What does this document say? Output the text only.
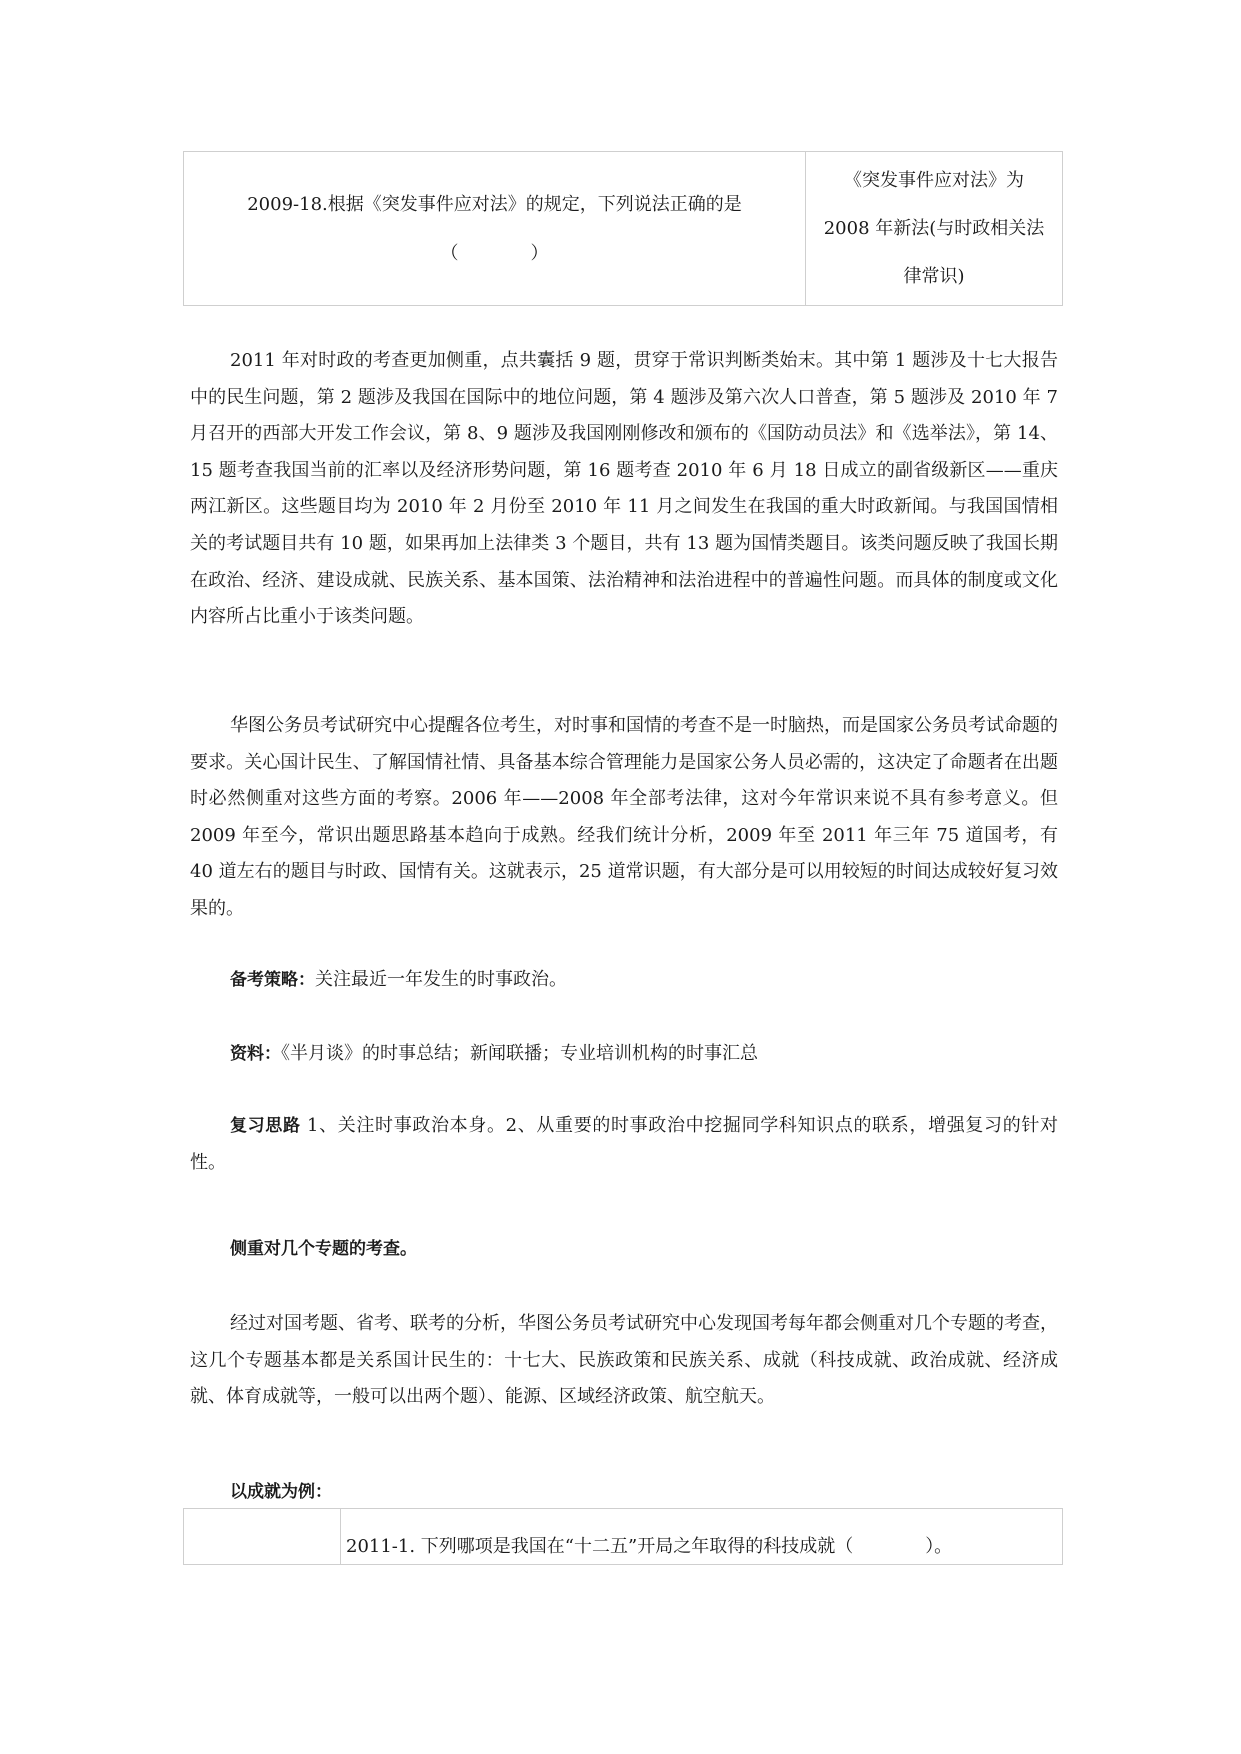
2009-18.根据《突发事件应对法》的规定，下列说法正确的是
（　　　　）
《突发事件应对法》为
2008 年新法(与时政相关法
律常识)

2011 年对时政的考查更加侧重，点共囊括 9 题，贯穿于常识判断类始末。其中第 1 题涉及十七大报告中的民生问题，第 2 题涉及我国在国际中的地位问题，第 4 题涉及第六次人口普查，第 5 题涉及 2010 年 7 月召开的西部大开发工作会议，第 8、9 题涉及我国刚刚修改和颁布的《国防动员法》和《选举法》，第 14、15 题考查我国当前的汇率以及经济形势问题，第 16 题考查 2010 年 6 月 18 日成立的副省级新区——重庆两江新区。这些题目均为 2010 年 2 月份至 2010 年 11 月之间发生在我国的重大时政新闻。与我国国情相关的考试题目共有 10 题，如果再加上法律类 3 个题目，共有 13 题为国情类题目。该类问题反映了我国长期在政治、经济、建设成就、民族关系、基本国策、法治精神和法治进程中的普遍性问题。而具体的制度或文化内容所占比重小于该类问题。

华图公务员考试研究中心提醒各位考生，对时事和国情的考查不是一时脑热，而是国家公务员考试命题的要求。关心国计民生、了解国情社情、具备基本综合管理能力是国家公务人员必需的，这决定了命题者在出题时必然侧重对这些方面的考察。2006 年——2008 年全部考法律，这对今年常识来说不具有参考意义。但 2009 年至今，常识出题思路基本趋向于成熟。经我们统计分析，2009 年至 2011 年三年 75 道国考，有 40 道左右的题目与时政、国情有关。这就表示，25 道常识题，有大部分是可以用较短的时间达成较好复习效果的。

备考策略：关注最近一年发生的时事政治。

资料：《半月谈》的时事总结；新闻联播；专业培训机构的时事汇总

复习思路 1、关注时事政治本身。2、从重要的时事政治中挖掘同学科知识点的联系，增强复习的针对性。

侧重对几个专题的考查。

经过对国考题、省考、联考的分析，华图公务员考试研究中心发现国考每年都会侧重对几个专题的考查，这几个专题基本都是关系国计民生的：十七大、民族政策和民族关系、成就（科技成就、政治成就、经济成就、体育成就等，一般可以出两个题）、能源、区域经济政策、航空航天。

以成就为例：

2011-1. 下列哪项是我国在“十二五”开局之年取得的科技成就（　　　　）。
